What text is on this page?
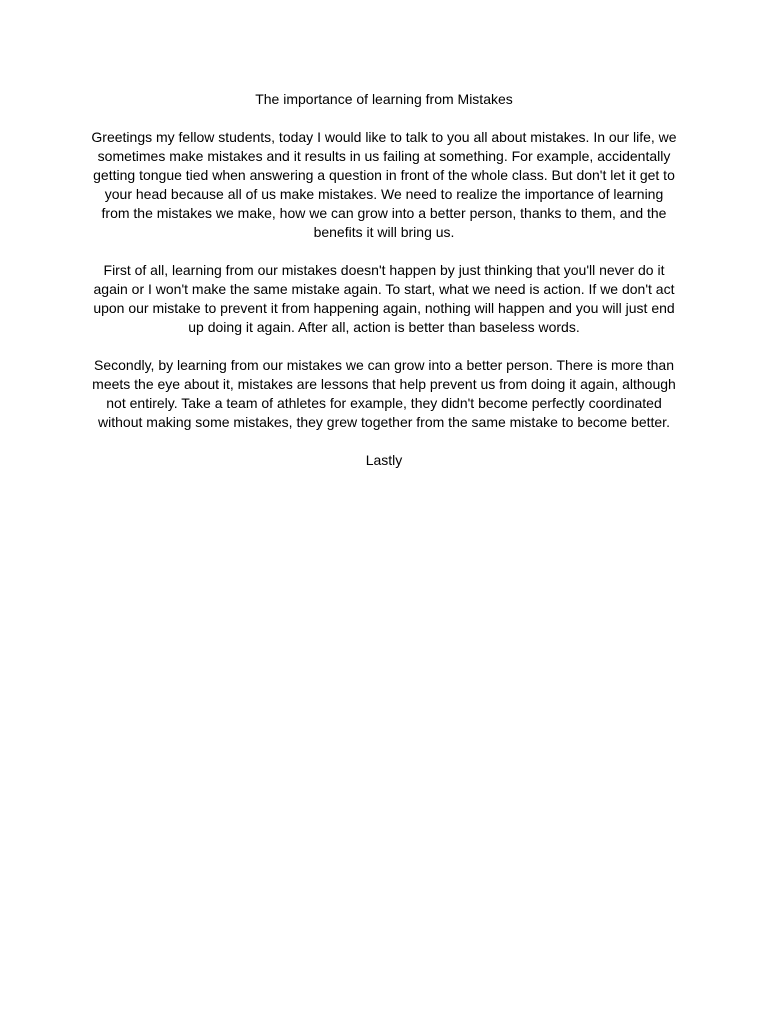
The importance of learning from Mistakes

Greetings my fellow students, today I would like to talk to you all about mistakes. In our life, we sometimes make mistakes and it results in us failing at something. For example, accidentally getting tongue tied when answering a question in front of the whole class. But don't let it get to your head because all of us make mistakes. We need to realize the importance of learning from the mistakes we make, how we can grow into a better person, thanks to them, and the benefits it will bring us.

First of all, learning from our mistakes doesn't happen by just thinking that you'll never do it again or I won't make the same mistake again. To start, what we need is action. If we don't act upon our mistake to prevent it from happening again, nothing will happen and you will just end up doing it again. After all, action is better than baseless words.

Secondly, by learning from our mistakes we can grow into a better person. There is more than meets the eye about it, mistakes are lessons that help prevent us from doing it again, although not entirely. Take a team of athletes for example, they didn't become perfectly coordinated without making some mistakes, they grew together from the same mistake to become better.

Lastly
